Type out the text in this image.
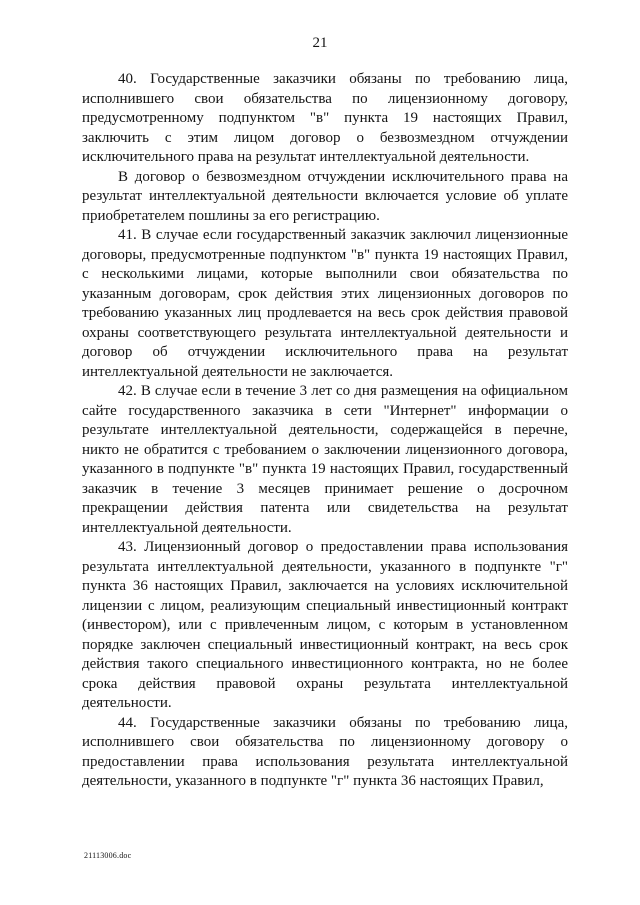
21

40. Государственные заказчики обязаны по требованию лица, исполнившего свои обязательства по лицензионному договору, предусмотренному подпунктом "в" пункта 19 настоящих Правил, заключить с этим лицом договор о безвозмездном отчуждении исключительного права на результат интеллектуальной деятельности.

В договор о безвозмездном отчуждении исключительного права на результат интеллектуальной деятельности включается условие об уплате приобретателем пошлины за его регистрацию.

41. В случае если государственный заказчик заключил лицензионные договоры, предусмотренные подпунктом "в" пункта 19 настоящих Правил, с несколькими лицами, которые выполнили свои обязательства по указанным договорам, срок действия этих лицензионных договоров по требованию указанных лиц продлевается на весь срок действия правовой охраны соответствующего результата интеллектуальной деятельности и договор об отчуждении исключительного права на результат интеллектуальной деятельности не заключается.

42. В случае если в течение 3 лет со дня размещения на официальном сайте государственного заказчика в сети "Интернет" информации о результате интеллектуальной деятельности, содержащейся в перечне, никто не обратится с требованием о заключении лицензионного договора, указанного в подпункте "в" пункта 19 настоящих Правил, государственный заказчик в течение 3 месяцев принимает решение о досрочном прекращении действия патента или свидетельства на результат интеллектуальной деятельности.

43. Лицензионный договор о предоставлении права использования результата интеллектуальной деятельности, указанного в подпункте "г" пункта 36 настоящих Правил, заключается на условиях исключительной лицензии с лицом, реализующим специальный инвестиционный контракт (инвестором), или с привлеченным лицом, с которым в установленном порядке заключен специальный инвестиционный контракт, на весь срок действия такого специального инвестиционного контракта, но не более срока действия правовой охраны результата интеллектуальной деятельности.

44. Государственные заказчики обязаны по требованию лица, исполнившего свои обязательства по лицензионному договору о предоставлении права использования результата интеллектуальной деятельности, указанного в подпункте "г" пункта 36 настоящих Правил,

21113006.doc
